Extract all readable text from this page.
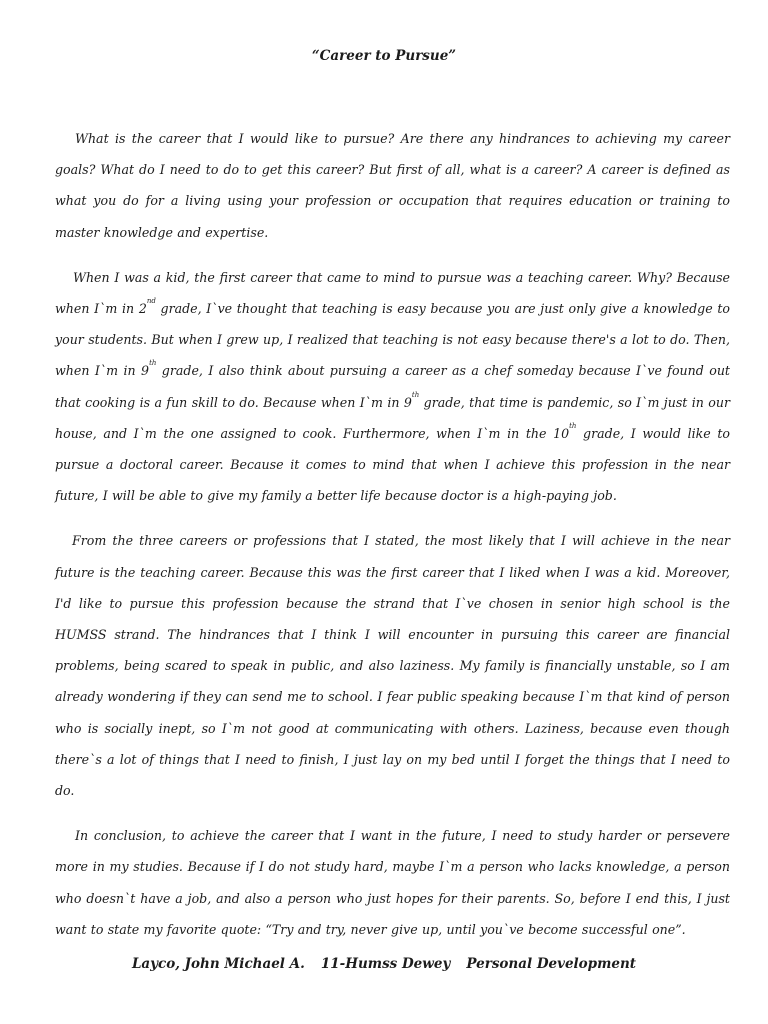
“Career to Pursue”

What is the career that I would like to pursue? Are there any hindrances to achieving my career goals? What do I need to do to get this career? But first of all, what is a career? A career is defined as what you do for a living using your profession or occupation that requires education or training to master knowledge and expertise.

When I was a kid, the first career that came to mind to pursue was a teaching career. Why? Because when I`m in 2nd grade, I`ve thought that teaching is easy because you are just only give a knowledge to your students. But when I grew up, I realized that teaching is not easy because there's a lot to do. Then, when I`m in 9th grade, I also think about pursuing a career as a chef someday because I`ve found out that cooking is a fun skill to do. Because when I`m in 9th grade, that time is pandemic, so I`m just in our house, and I`m the one assigned to cook. Furthermore, when I`m in the 10th grade, I would like to pursue a doctoral career. Because it comes to mind that when I achieve this profession in the near future, I will be able to give my family a better life because doctor is a high-paying job.

From the three careers or professions that I stated, the most likely that I will achieve in the near future is the teaching career. Because this was the first career that I liked when I was a kid. Moreover, I'd like to pursue this profession because the strand that I`ve chosen in senior high school is the HUMSS strand. The hindrances that I think I will encounter in pursuing this career are financial problems, being scared to speak in public, and also laziness. My family is financially unstable, so I am already wondering if they can send me to school. I fear public speaking because I`m that kind of person who is socially inept, so I`m not good at communicating with others. Laziness, because even though there`s a lot of things that I need to finish, I just lay on my bed until I forget the things that I need to do.

In conclusion, to achieve the career that I want in the future, I need to study harder or persevere more in my studies. Because if I do not study hard, maybe I`m a person who lacks knowledge, a person who doesn`t have a job, and also a person who just hopes for their parents. So, before I end this, I just want to state my favorite quote: “Try and try, never give up, until you`ve become successful one”.

Layco, John Michael A. 11-Humss Dewey Personal Development
